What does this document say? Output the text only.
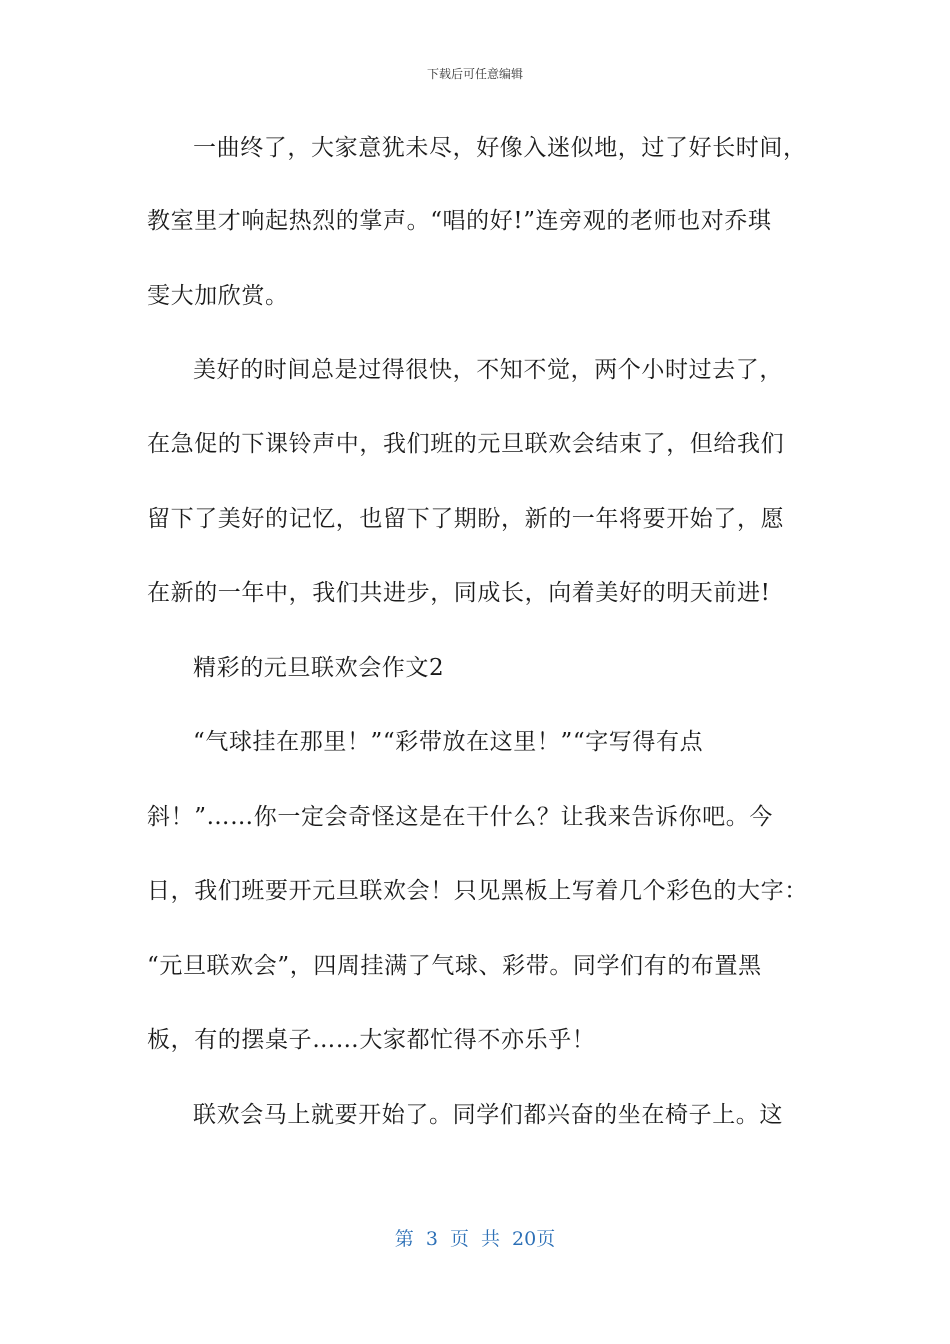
下载后可任意编辑
一曲终了，大家意犹未尽，好像入迷似地，过了好长时间，
教室里才响起热烈的掌声。“唱的好!”连旁观的老师也对乔琪
雯大加欣赏。
美好的时间总是过得很快，不知不觉，两个小时过去了，
在急促的下课铃声中，我们班的元旦联欢会结束了，但给我们
留下了美好的记忆，也留下了期盼，新的一年将要开始了，愿
在新的一年中，我们共进步，同成长，向着美好的明天前进!
精彩的元旦联欢会作文2
“气球挂在那里！”“彩带放在这里！”“字写得有点
斜！”……你一定会奇怪这是在干什么？让我来告诉你吧。今
日，我们班要开元旦联欢会！只见黑板上写着几个彩色的大字：
“元旦联欢会”，四周挂满了气球、彩带。同学们有的布置黑
板，有的摆桌子……大家都忙得不亦乐乎！
联欢会马上就要开始了。同学们都兴奋的坐在椅子上。这
第 3 页 共 20页
